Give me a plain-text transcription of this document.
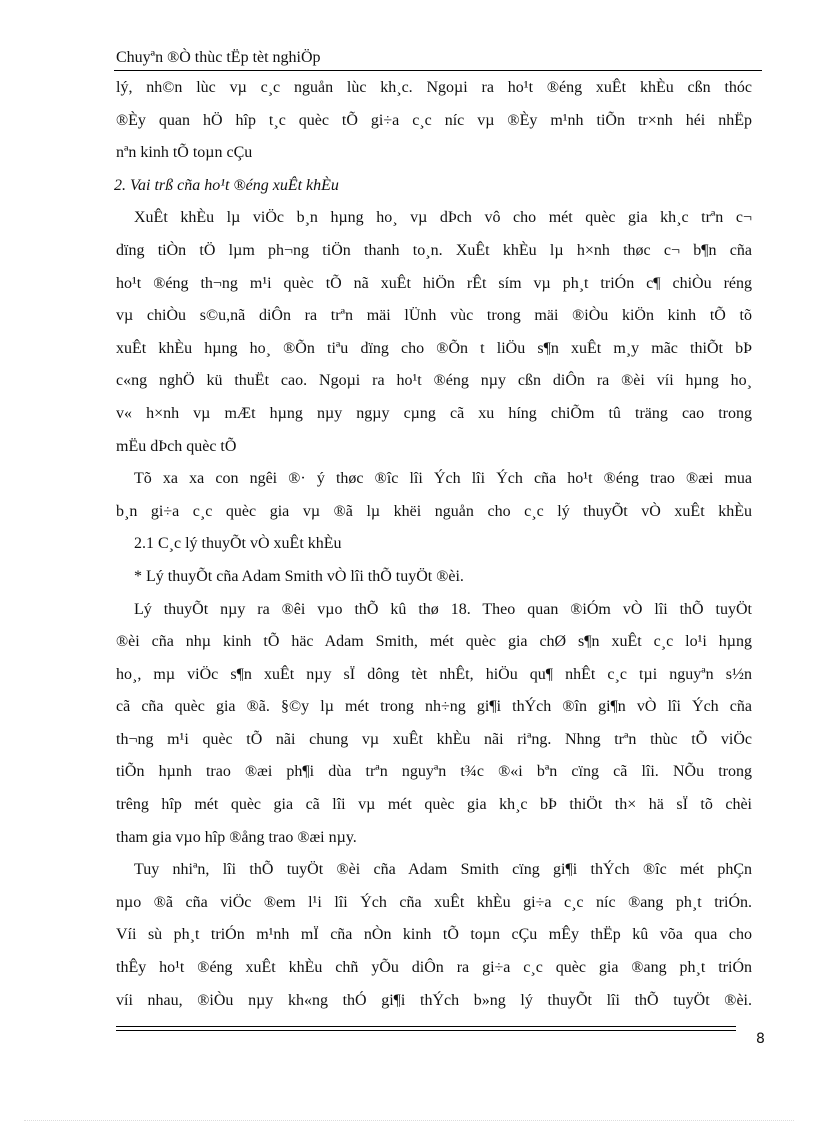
Chuyªn ®Ò thùc tËp tèt nghiÖp
lý, nh©n lùc vµ c¸c nguån lùc kh¸c. Ngoµi ra ho¹t ®éng xuÊt khÈu cßn thóc
®Èy quan hÖ hîp t¸c quèc tÕ gi÷a c¸c níc vµ ®Èy m¹nh tiÕn tr×nh héi nhËp
nªn kinh tÕ toµn cÇu
2. Vai trß cña ho¹t ®éng xuÊt khÈu
XuÊt khÈu lµ viÖc b¸n hµng ho¸ vµ dÞch vô cho mét quèc gia kh¸c trªn c¬
dïng tiÒn tÖ lµm ph¬ng tiÖn thanh to¸n. XuÊt khÈu lµ h×nh thøc c¬ b¶n cña
ho¹t ®éng th¬ng m¹i quèc tÕ nã xuÊt hiÖn rÊt sím vµ ph¸t triÓn c¶ chiÒu réng
vµ chiÒu s©u,nã diÔn ra trªn mäi lÜnh vùc trong mäi ®iÒu kiÖn kinh tÕ tõ
xuÊt khÈu hµng ho¸ ®Õn tiªu dïng cho ®Õn t liÖu s¶n xuÊt m¸y mãc thiÕt bÞ
c«ng nghÖ kü thuËt cao. Ngoµi ra ho¹t ®éng nµy cßn diÔn ra ®èi víi hµng ho¸
v« h×nh vµ mÆt hµng nµy ngµy cµng cã xu híng chiÕm tû träng cao trong
mËu dÞch quèc tÕ
Tõ xa xa con ngêi ®· ý thøc ®îc lîi Ých lîi Ých cña ho¹t ®éng trao ®æi mua
b¸n gi÷a c¸c quèc gia vµ ®ã lµ khëi nguån cho c¸c lý thuyÕt vÒ xuÊt khÈu
2.1 C¸c lý thuyÕt vÒ xuÊt khÈu
* Lý thuyÕt cña Adam Smith vÒ lîi thÕ tuyÖt ®èi.
Lý thuyÕt nµy ra ®êi vµo thÕ kû thø 18. Theo quan ®iÓm vÒ lîi thÕ tuyÖt
®èi cña nhµ kinh tÕ häc Adam Smith, mét quèc gia chØ s¶n xuÊt c¸c lo¹i hµng
ho¸, mµ viÖc s¶n xuÊt nµy sÏ dông tèt nhÊt, hiÖu qu¶ nhÊt c¸c tµi nguyªn s½n
cã cña quèc gia ®ã. §©y lµ mét trong nh÷ng gi¶i thÝch ®în gi¶n vÒ lîi Ých cña
th¬ng m¹i quèc tÕ nãi chung vµ xuÊt khÈu nãi riªng. Nhng trªn thùc tÕ viÖc
tiÕn hµnh trao ®æi ph¶i dùa trªn nguyªn t¾c ®«i bªn cïng cã lîi. NÕu trong
trêng hîp mét quèc gia cã lîi vµ mét quèc gia kh¸c bÞ thiÖt th× hä sÏ tõ chèi
tham gia vµo hîp ®ång trao ®æi nµy.
Tuy nhiªn, lîi thÕ tuyÖt ®èi cña Adam Smith cïng gi¶i thÝch ®îc mét phÇn
nµo ®ã cña viÖc ®em l¹i lîi Ých cña xuÊt khÈu gi÷a c¸c níc ®ang ph¸t triÓn.
Víi sù ph¸t triÓn m¹nh mÏ cña nÒn kinh tÕ toµn cÇu mÊy thËp kû võa qua cho
thÊy ho¹t ®éng xuÊt khÈu chñ yÕu diÔn ra gi÷a c¸c quèc gia ®ang ph¸t triÓn
víi nhau, ®iÒu nµy kh«ng thÓ gi¶i thÝch b»ng lý thuyÕt lîi thÕ tuyÖt ®èi.
8
